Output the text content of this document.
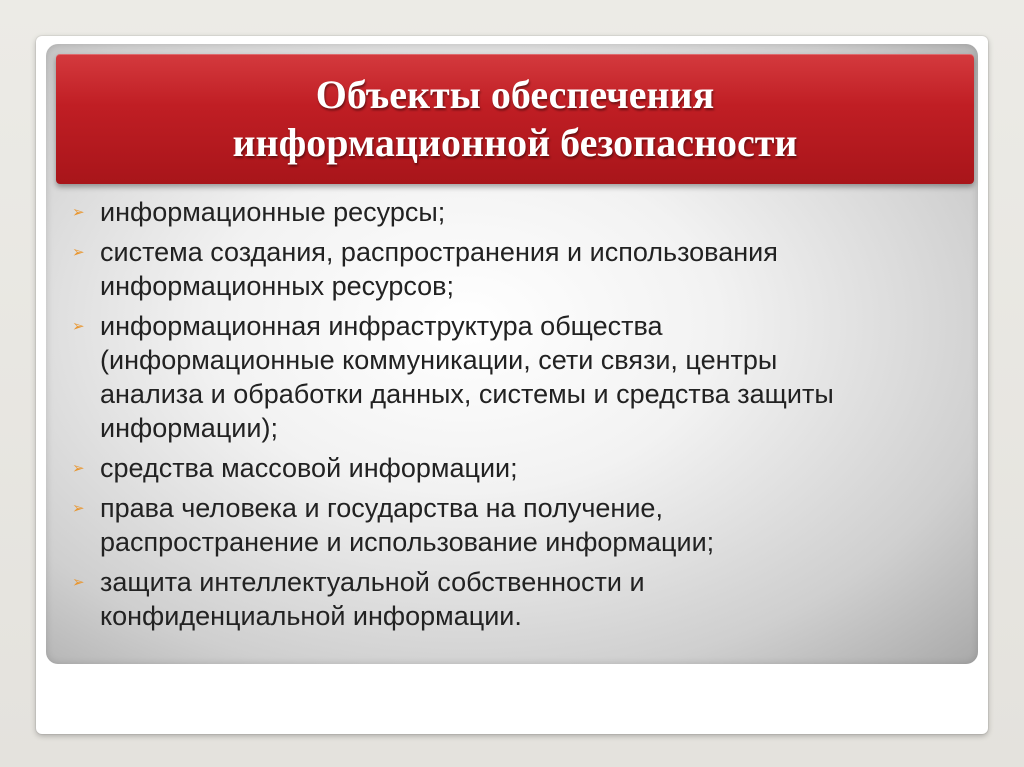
Объекты обеспечения
информационной безопасности
➢ информационные ресурсы;
➢ система создания, распространения и использования
информационных ресурсов;
➢ информационная инфраструктура общества
(информационные коммуникации, сети связи, центры
анализа и обработки данных, системы и средства защиты
информации);
➢ средства массовой информации;
➢ права человека и государства на получение,
распространение и использование информации;
➢ защита интеллектуальной собственности и
конфиденциальной информации.
